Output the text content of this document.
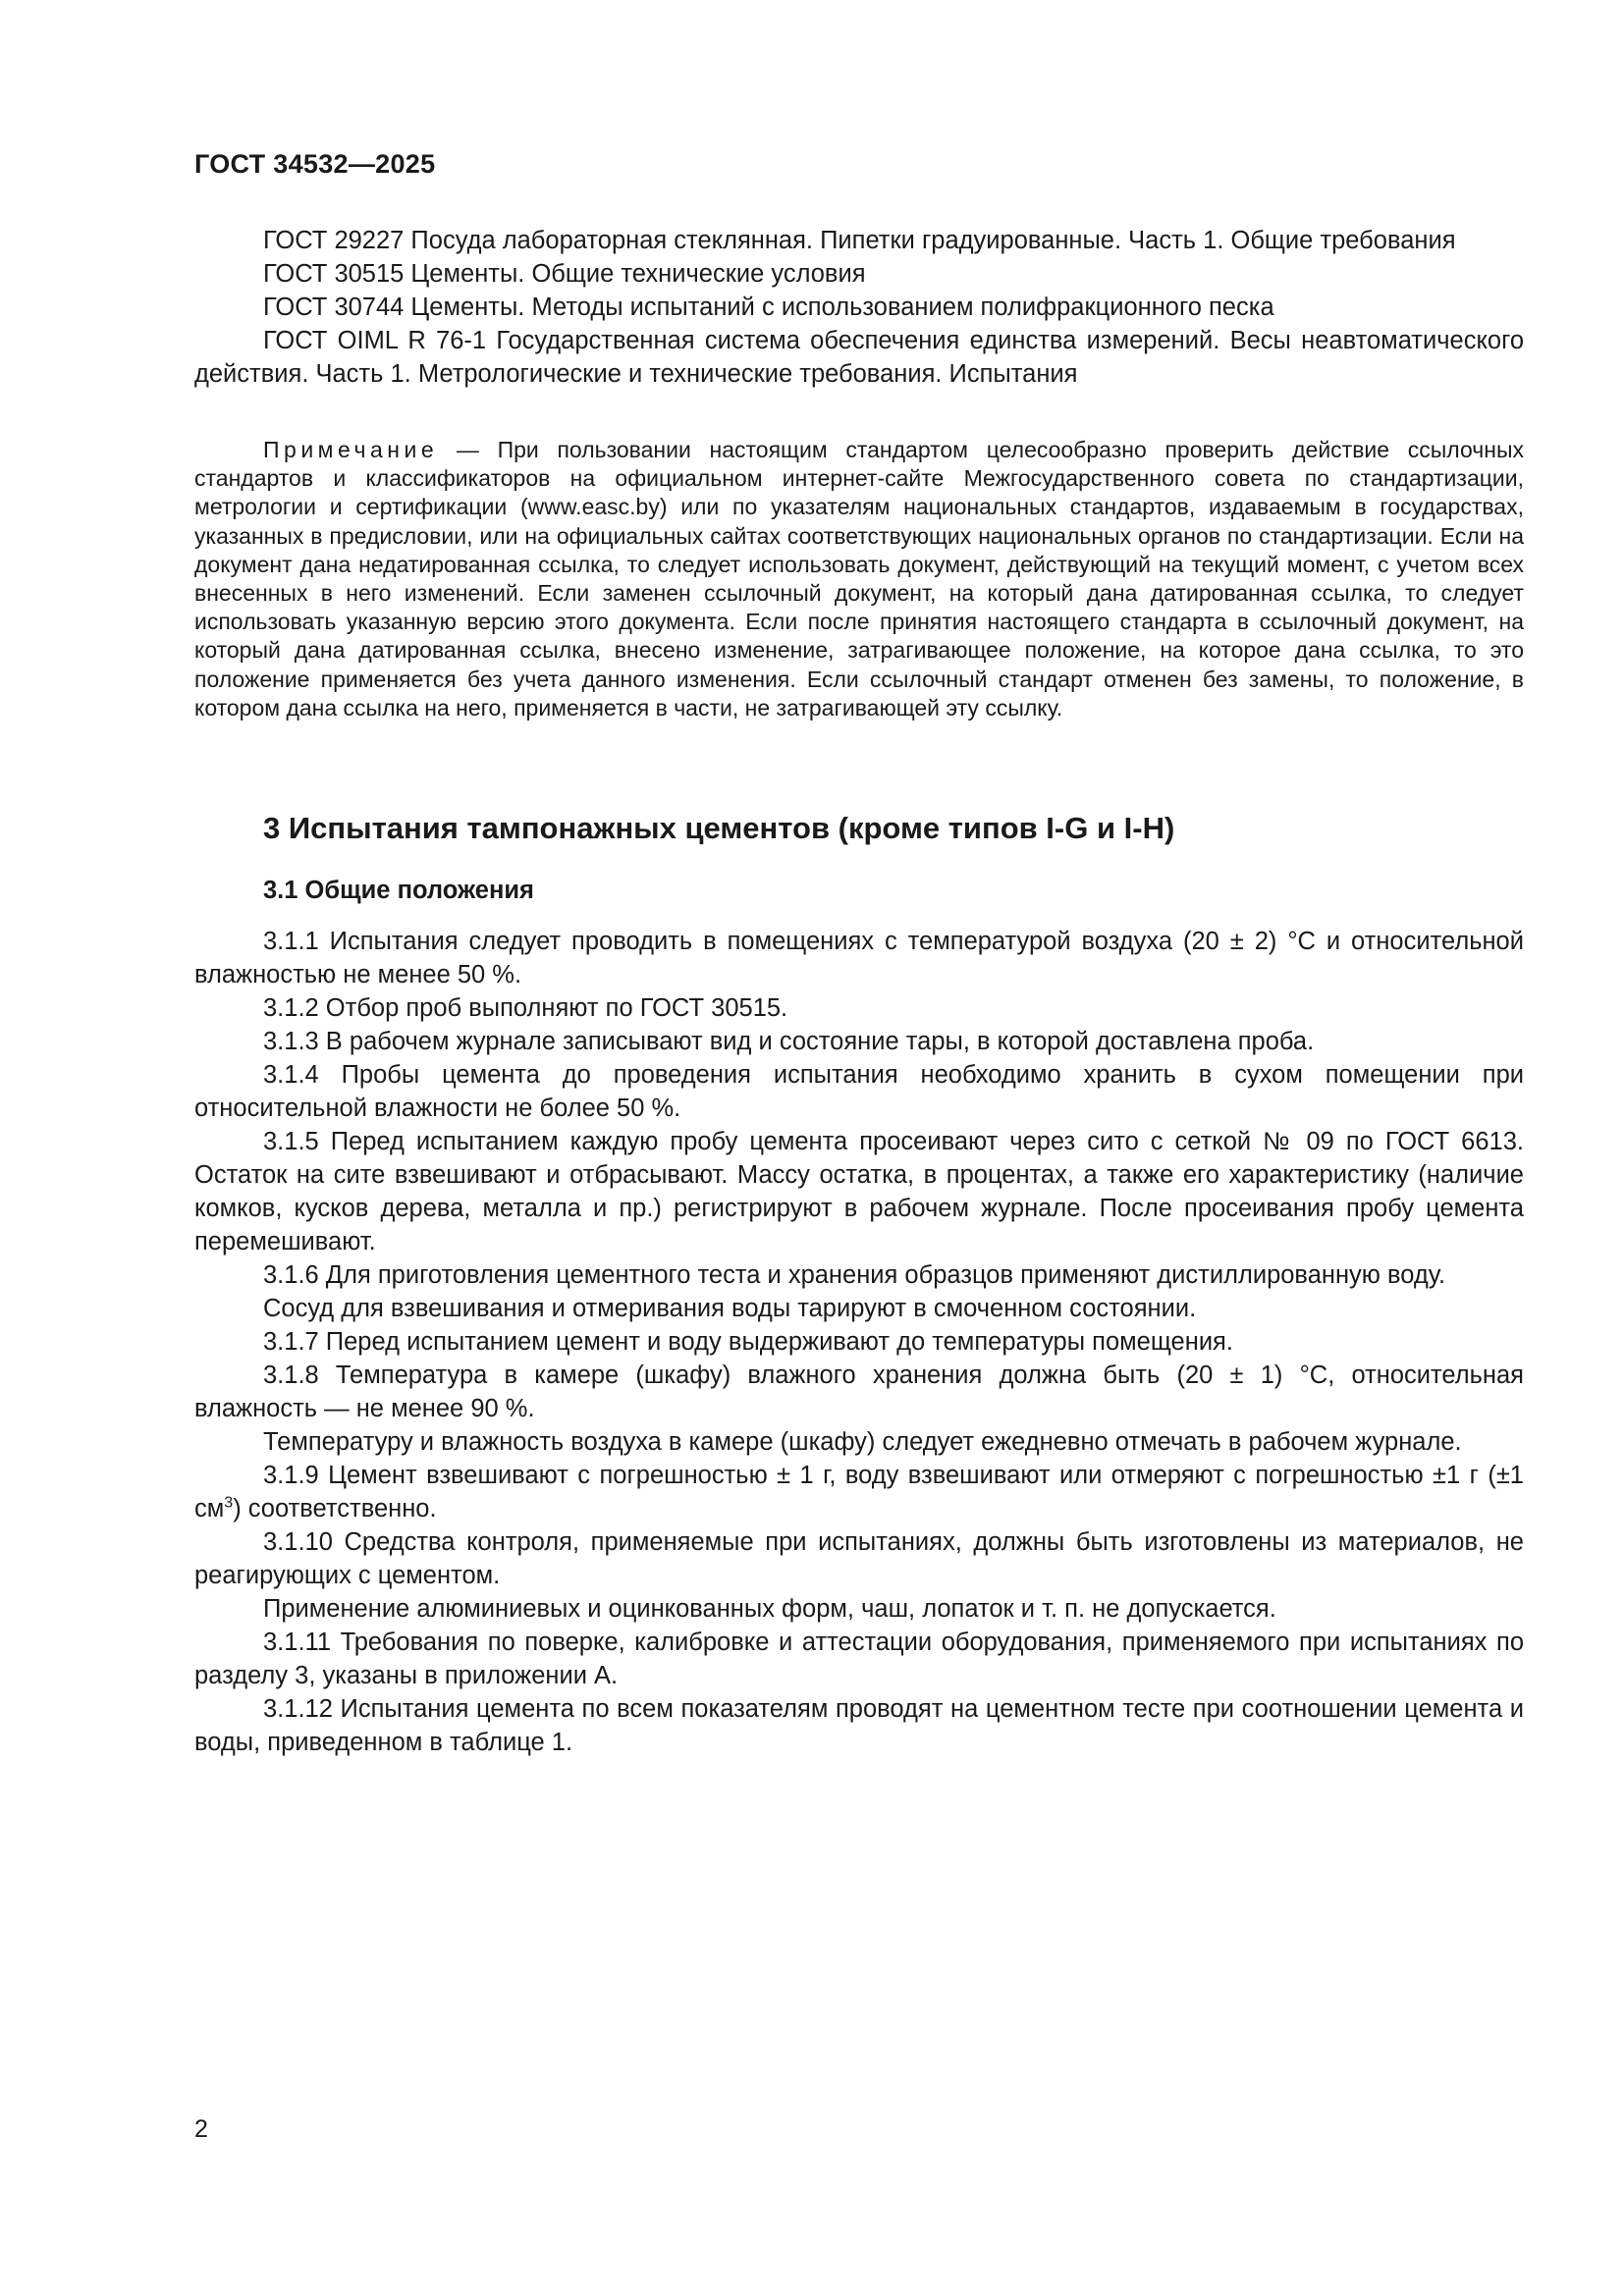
ГОСТ 34532—2025

ГОСТ 29227 Посуда лабораторная стеклянная. Пипетки градуированные. Часть 1. Общие требования

ГОСТ 30515 Цементы. Общие технические условия

ГОСТ 30744 Цементы. Методы испытаний с использованием полифракционного песка

ГОСТ OIML R 76-1 Государственная система обеспечения единства измерений. Весы неавтоматического действия. Часть 1. Метрологические и технические требования. Испытания

Примечание — При пользовании настоящим стандартом целесообразно проверить действие ссылочных стандартов и классификаторов на официальном интернет-сайте Межгосударственного совета по стандартизации, метрологии и сертификации (www.easc.by) или по указателям национальных стандартов, издаваемым в государствах, указанных в предисловии, или на официальных сайтах соответствующих национальных органов по стандартизации. Если на документ дана недатированная ссылка, то следует использовать документ, действующий на текущий момент, с учетом всех внесенных в него изменений. Если заменен ссылочный документ, на который дана датированная ссылка, то следует использовать указанную версию этого документа. Если после принятия настоящего стандарта в ссылочный документ, на который дана датированная ссылка, внесено изменение, затрагивающее положение, на которое дана ссылка, то это положение применяется без учета данного изменения. Если ссылочный стандарт отменен без замены, то положение, в котором дана ссылка на него, применяется в части, не затрагивающей эту ссылку.

3 Испытания тампонажных цементов (кроме типов I-G и I-H)
3.1 Общие положения

3.1.1 Испытания следует проводить в помещениях с температурой воздуха (20 ± 2) °С и относительной влажностью не менее 50 %.

3.1.2 Отбор проб выполняют по ГОСТ 30515.

3.1.3 В рабочем журнале записывают вид и состояние тары, в которой доставлена проба.

3.1.4 Пробы цемента до проведения испытания необходимо хранить в сухом помещении при относительной влажности не более 50 %.

3.1.5 Перед испытанием каждую пробу цемента просеивают через сито с сеткой № 09 по ГОСТ 6613. Остаток на сите взвешивают и отбрасывают. Массу остатка, в процентах, а также его характеристику (наличие комков, кусков дерева, металла и пр.) регистрируют в рабочем журнале. После просеивания пробу цемента перемешивают.

3.1.6 Для приготовления цементного теста и хранения образцов применяют дистиллированную воду.

Сосуд для взвешивания и отмеривания воды тарируют в смоченном состоянии.

3.1.7 Перед испытанием цемент и воду выдерживают до температуры помещения.

3.1.8 Температура в камере (шкафу) влажного хранения должна быть (20 ± 1) °С, относительная влажность — не менее 90 %.

Температуру и влажность воздуха в камере (шкафу) следует ежедневно отмечать в рабочем журнале.

3.1.9 Цемент взвешивают с погрешностью ± 1 г, воду взвешивают или отмеряют с погрешностью ±1 г (±1 $см^3$) соответственно.

3.1.10 Средства контроля, применяемые при испытаниях, должны быть изготовлены из материалов, не реагирующих с цементом.

Применение алюминиевых и оцинкованных форм, чаш, лопаток и т. п. не допускается.

3.1.11 Требования по поверке, калибровке и аттестации оборудования, применяемого при испытаниях по разделу 3, указаны в приложении А.

3.1.12 Испытания цемента по всем показателям проводят на цементном тесте при соотношении цемента и воды, приведенном в таблице 1.

2
